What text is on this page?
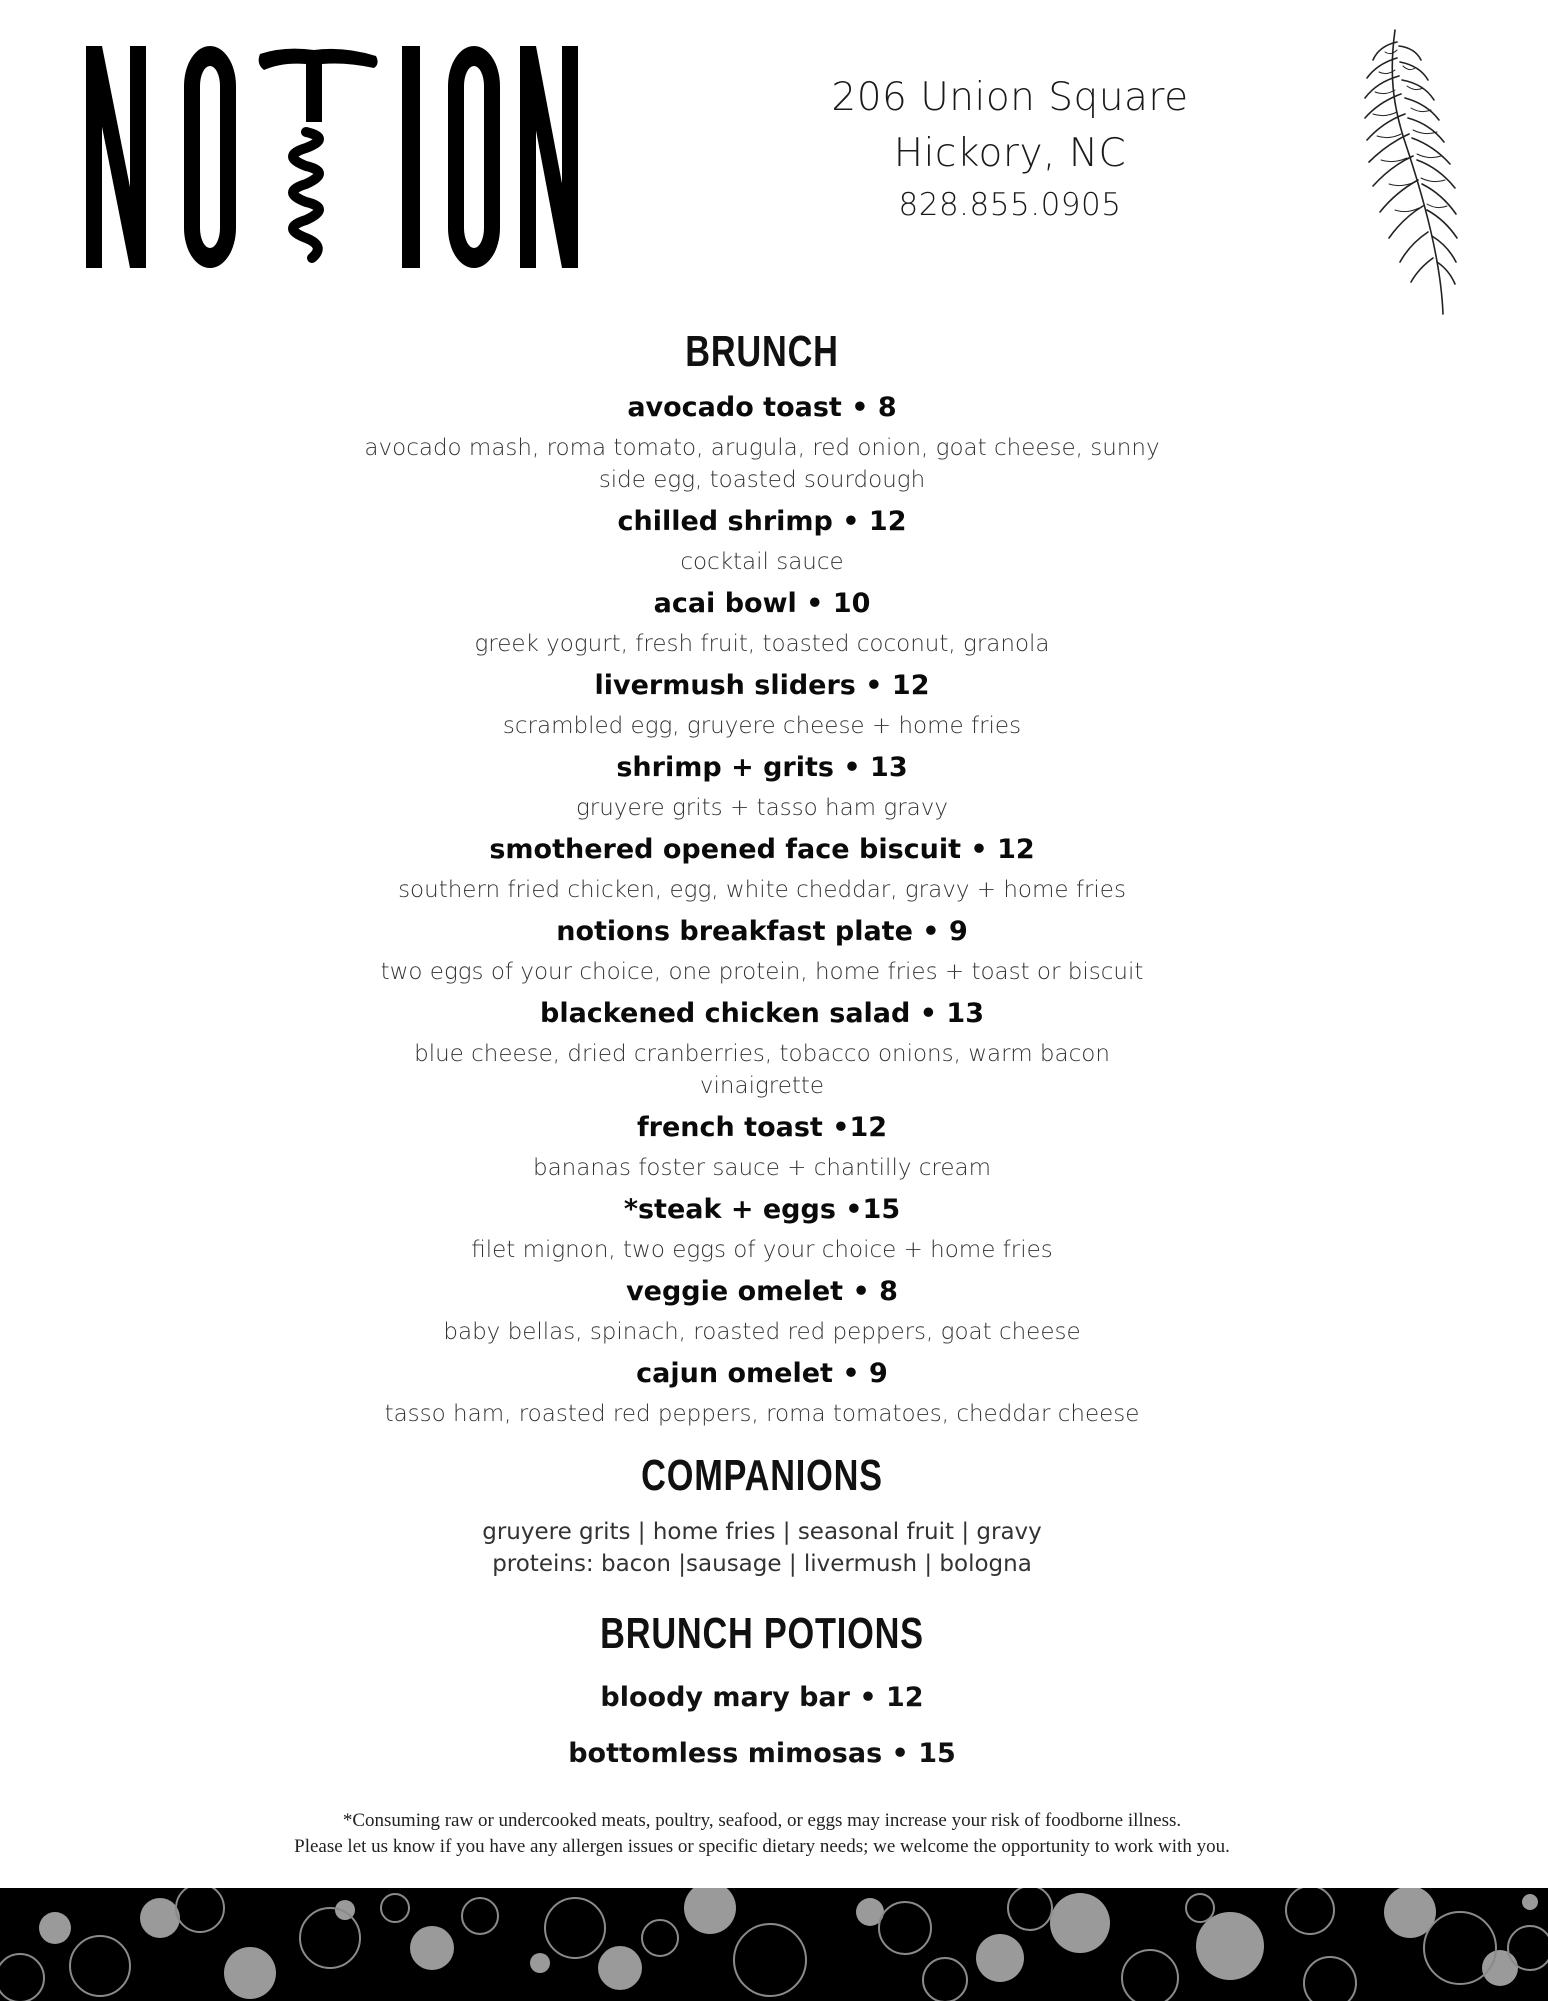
206 Union Square
Hickory, NC
828.855.0905
BRUNCH
avocado toast • 8
avocado mash, roma tomato, arugula, red onion, goat cheese, sunny side egg, toasted sourdough
chilled shrimp • 12
cocktail sauce
acai bowl • 10
greek yogurt, fresh fruit, toasted coconut, granola
livermush sliders • 12
scrambled egg, gruyere cheese + home fries
shrimp + grits • 13
gruyere grits + tasso ham gravy
smothered opened face biscuit • 12
southern fried chicken, egg, white cheddar, gravy + home fries
notions breakfast plate • 9
two eggs of your choice, one protein, home fries + toast or biscuit
blackened chicken salad • 13
blue cheese, dried cranberries, tobacco onions, warm bacon vinaigrette
french toast •12
bananas foster sauce + chantilly cream
*steak + eggs •15
filet mignon, two eggs of your choice + home fries
veggie omelet • 8
baby bellas, spinach, roasted red peppers, goat cheese
cajun omelet • 9
tasso ham, roasted red peppers, roma tomatoes, cheddar cheese
COMPANIONS
gruyere grits | home fries | seasonal fruit | gravy
proteins: bacon |sausage | livermush | bologna
BRUNCH POTIONS
bloody mary bar • 12
bottomless mimosas • 15
*Consuming raw or undercooked meats, poultry, seafood, or eggs may increase your risk of foodborne illness.
Please let us know if you have any allergen issues or specific dietary needs; we welcome the opportunity to work with you.
